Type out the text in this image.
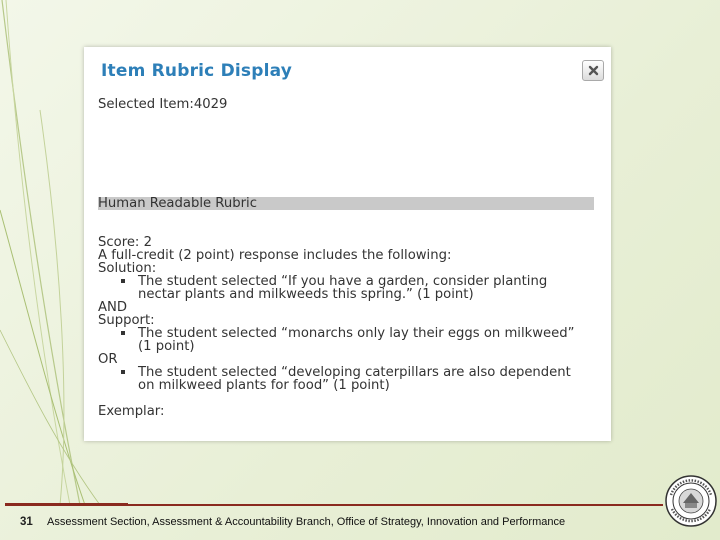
Item Rubric Display
Selected Item:4029
Human Readable Rubric
Score: 2
A full-credit (2 point) response includes the following:
Solution:
The student selected “If you have a garden, consider planting
nectar plants and milkweeds this spring.” (1 point)
AND
Support:
The student selected “monarchs only lay their eggs on milkweed”
(1 point)
OR
The student selected “developing caterpillars are also dependent
on milkweed plants for food” (1 point)
Exemplar:
31 Assessment Section, Assessment & Accountability Branch, Office of Strategy, Innovation and Performance
